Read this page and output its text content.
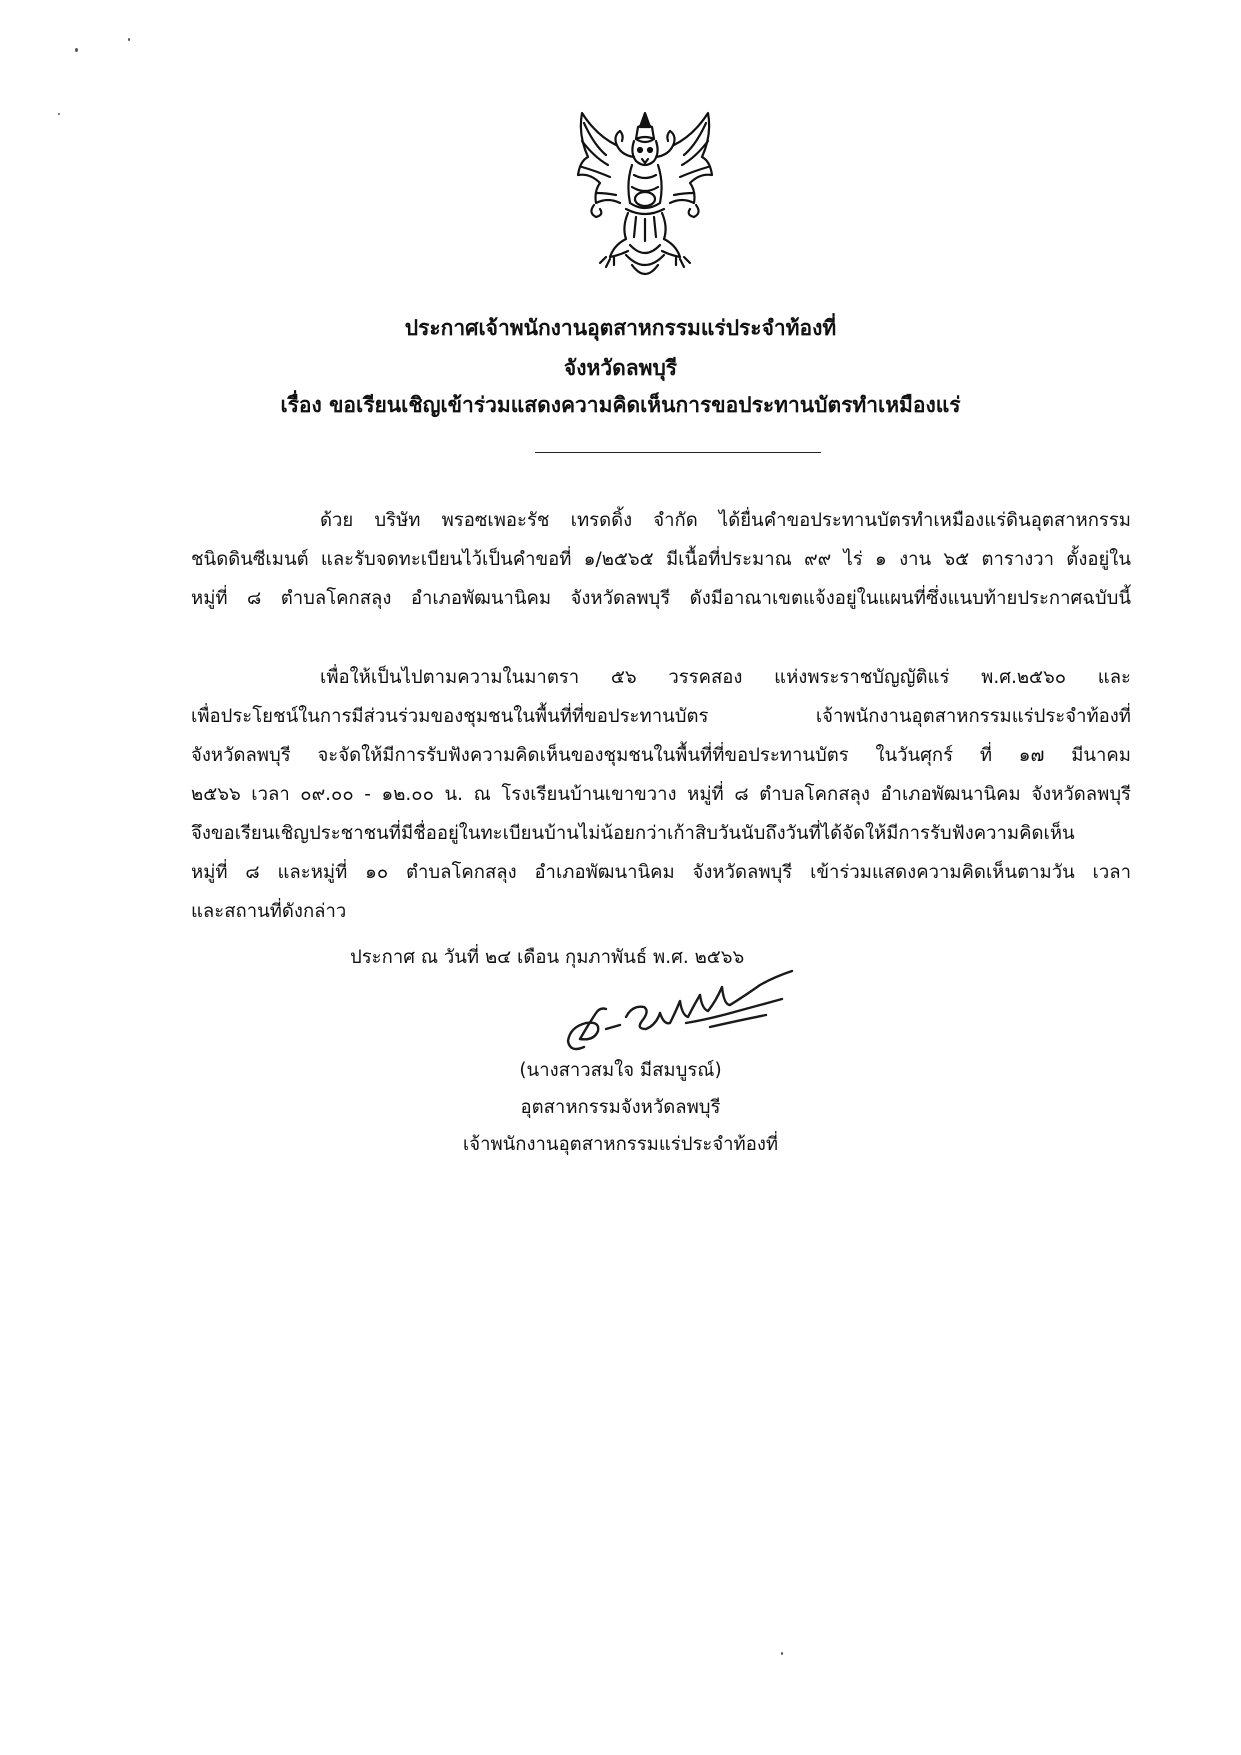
ประกาศเจ้าพนักงานอุตสาหกรรมแร่ประจำท้องที่
จังหวัดลพบุรี
เรื่อง ขอเรียนเชิญเข้าร่วมแสดงความคิดเห็นการขอประทานบัตรทำเหมืองแร่
ด้วย บริษัท พรอซเพอะรัช เทรดดิ้ง จำกัด ได้ยื่นคำขอประทานบัตรทำเหมืองแร่ดินอุตสาหกรรม
ชนิดดินซีเมนต์ และรับจดทะเบียนไว้เป็นคำขอที่ ๑/๒๕๖๕ มีเนื้อที่ประมาณ ๙๙ ไร่ ๑ งาน ๖๕ ตารางวา ตั้งอยู่ใน
หมู่ที่ ๘ ตำบลโคกสลุง อำเภอพัฒนานิคม จังหวัดลพบุรี ดังมีอาณาเขตแจ้งอยู่ในแผนที่ซึ่งแนบท้ายประกาศฉบับนี้
เพื่อให้เป็นไปตามความในมาตรา ๕๖ วรรคสอง แห่งพระราชบัญญัติแร่ พ.ศ.๒๕๖๐ และ
เพื่อประโยชน์ในการมีส่วนร่วมของชุมชนในพื้นที่ที่ขอประทานบัตร เจ้าพนักงานอุตสาหกรรมแร่ประจำท้องที่
จังหวัดลพบุรี จะจัดให้มีการรับฟังความคิดเห็นของชุมชนในพื้นที่ที่ขอประทานบัตร ในวันศุกร์ ที่ ๑๗ มีนาคม
๒๕๖๖ เวลา ๐๙.๐๐ - ๑๒.๐๐ น. ณ โรงเรียนบ้านเขาขวาง หมู่ที่ ๘ ตำบลโคกสลุง อำเภอพัฒนานิคม จังหวัดลพบุรี
จึงขอเรียนเชิญประชาชนที่มีชื่ออยู่ในทะเบียนบ้านไม่น้อยกว่าเก้าสิบวันนับถึงวันที่ได้จัดให้มีการรับฟังความคิดเห็น
หมู่ที่ ๘ และหมู่ที่ ๑๐ ตำบลโคกสลุง อำเภอพัฒนานิคม จังหวัดลพบุรี เข้าร่วมแสดงความคิดเห็นตามวัน เวลา
ประกาศ ณ วันที่ ๒๔ เดือน กุมภาพันธ์ พ.ศ. ๒๕๖๖
(นางสาวสมใจ มีสมบูรณ์)
อุตสาหกรรมจังหวัดลพบุรี
เจ้าพนักงานอุตสาหกรรมแร่ประจำท้องที่
และสถานที่ดังกล่าว
